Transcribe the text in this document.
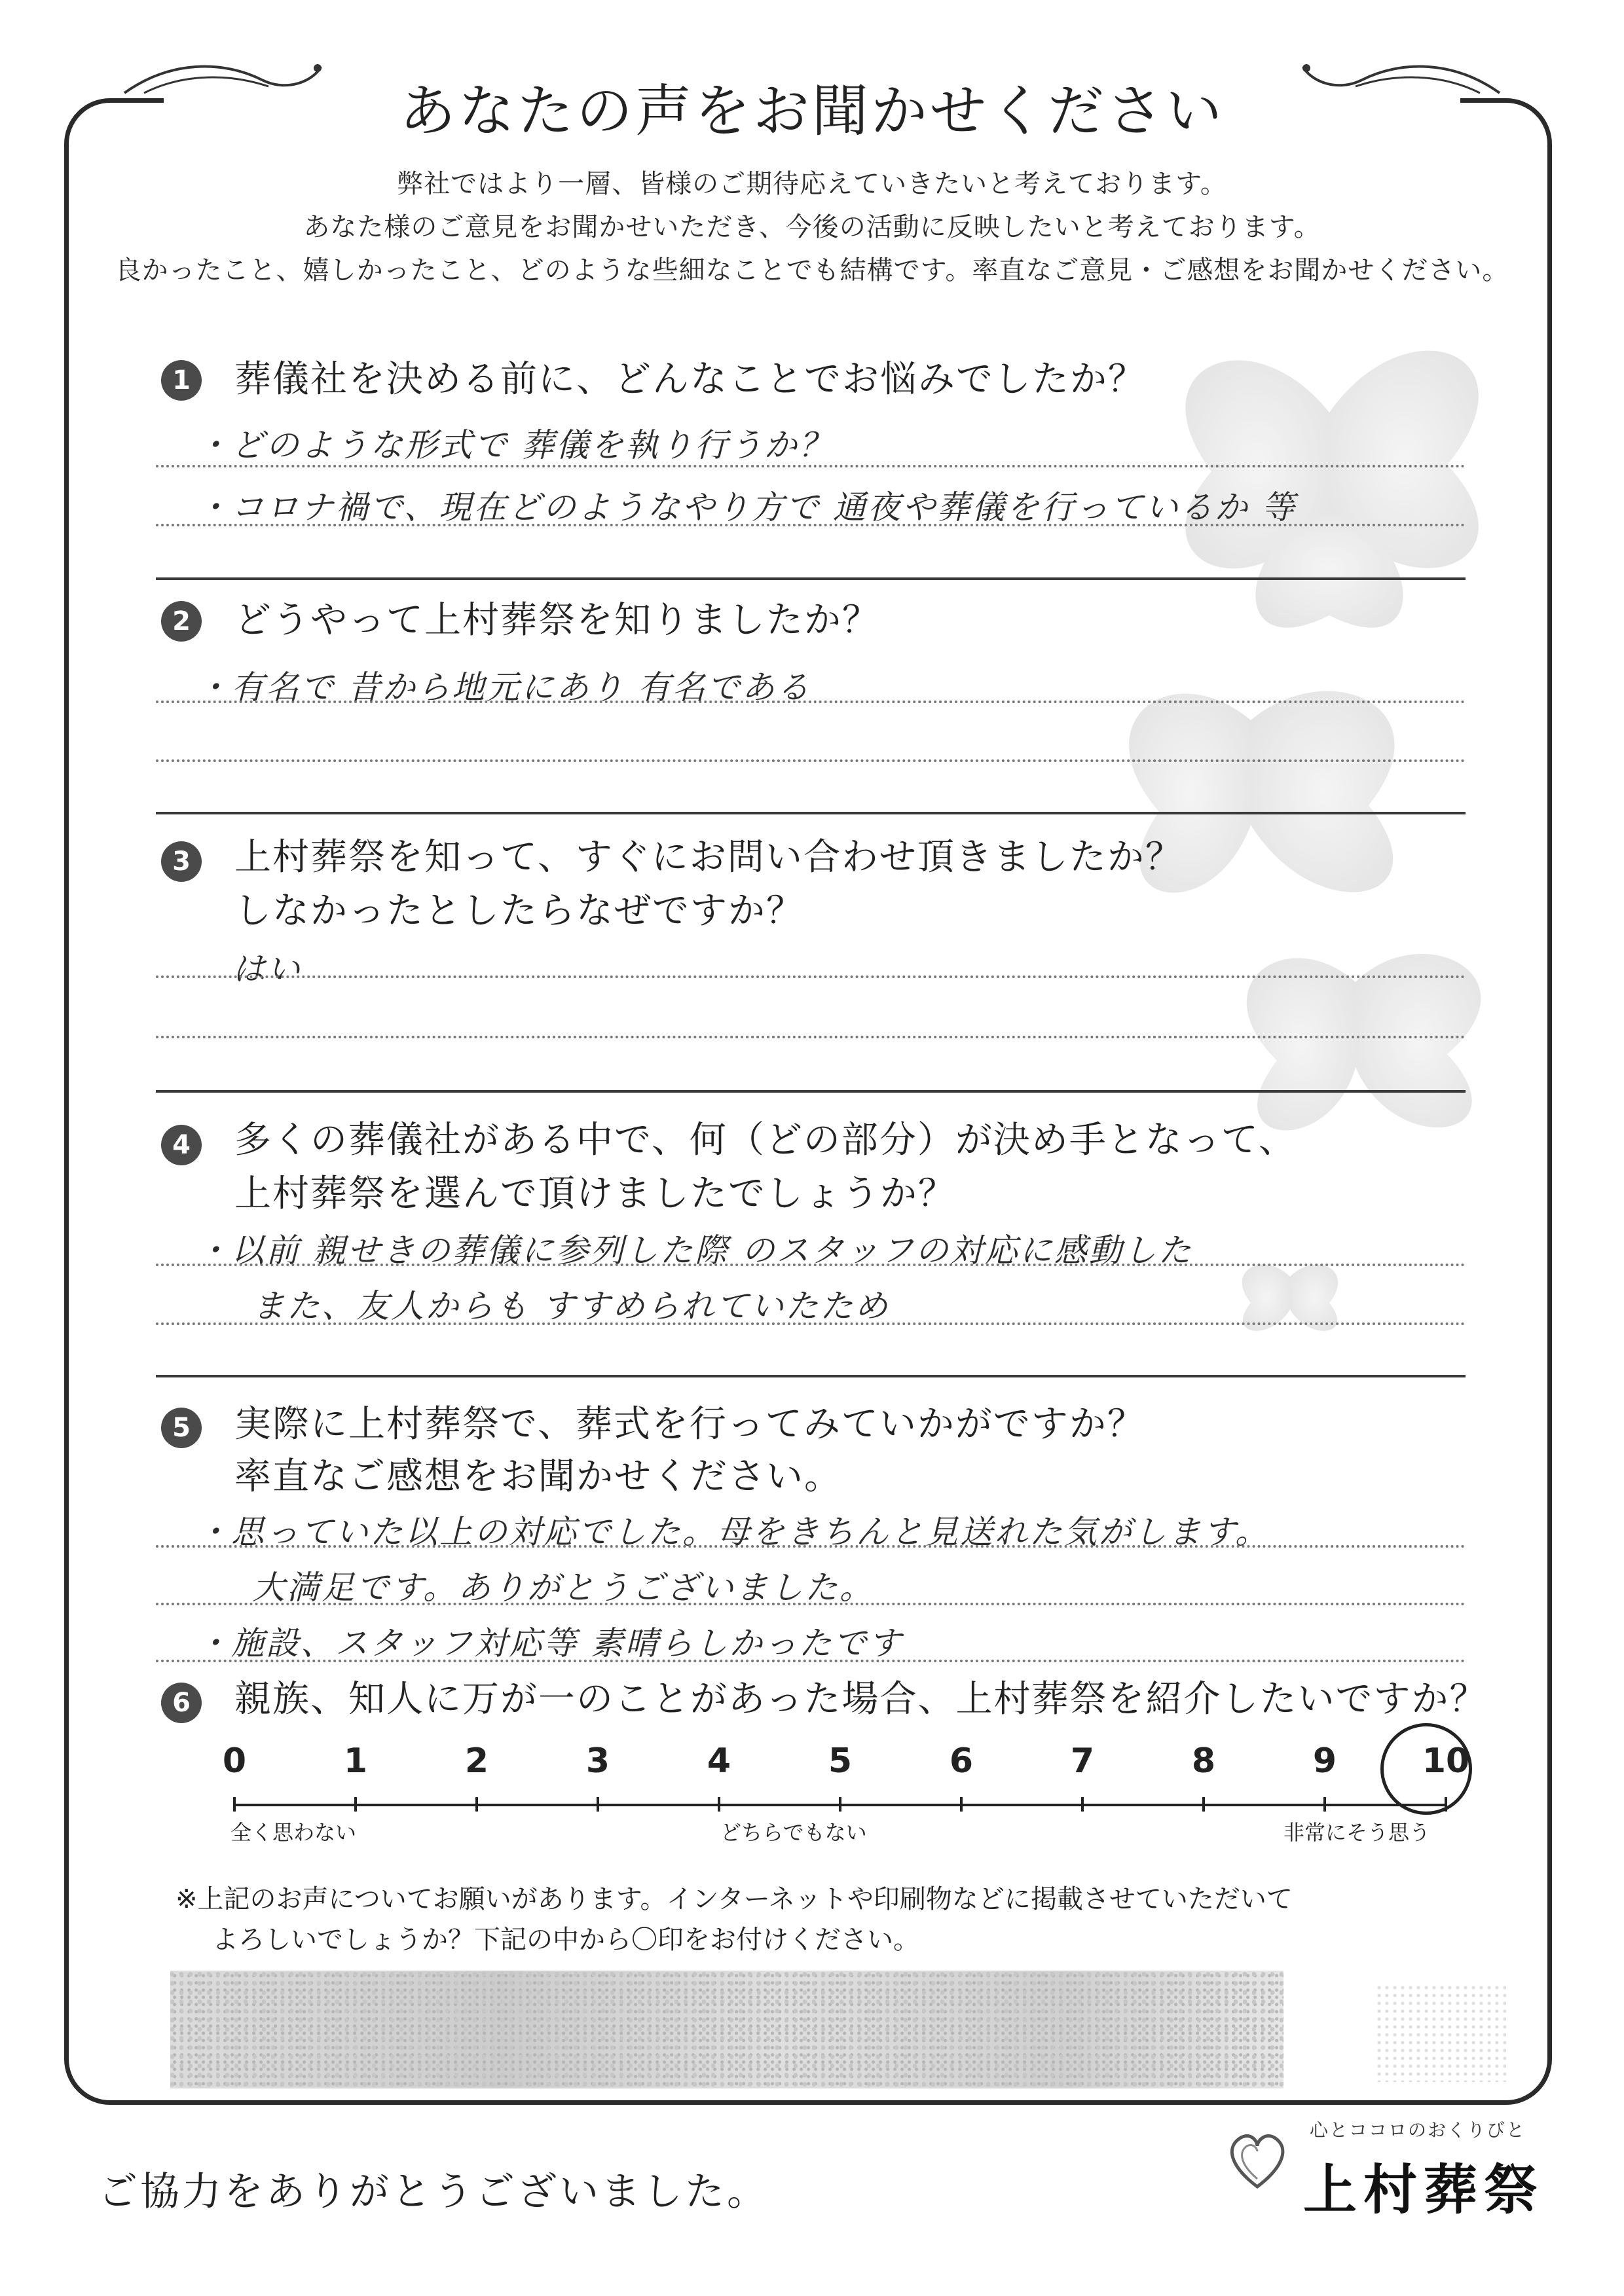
あなたの声をお聞かせください
弊社ではより一層、皆様のご期待応えていきたいと考えております。
あなた様のご意見をお聞かせいただき、今後の活動に反映したいと考えております。
良かったこと、嬉しかったこと、どのような些細なことでも結構です。率直なご意見・ご感想をお聞かせください。
1	葬儀社を決める前に、どんなことでお悩みでしたか？
・どのような形式で 葬儀を執り行うか？
・コロナ禍で、現在どのようなやり方で 通夜や葬儀を行っているか 等
2	どうやって上村葬祭を知りましたか？
・有名で 昔から地元にあり 有名である
3	上村葬祭を知って、すぐにお問い合わせ頂きましたか？
しなかったとしたらなぜですか？
はい
4	多くの葬儀社がある中で、何（どの部分）が決め手となって、
上村葬祭を選んで頂けましたでしょうか？
・以前 親せきの葬儀に参列した際 のスタッフの対応に感動した
また、友人からも すすめられていたため
5	実際に上村葬祭で、葬式を行ってみていかがですか？
率直なご感想をお聞かせください。
・思っていた以上の対応でした。母をきちんと見送れた気がします。
大満足です。ありがとうございました。
・施設、スタッフ対応等 素晴らしかったです
6	親族、知人に万が一のことがあった場合、上村葬祭を紹介したいですか？
0	1	2	3	4	5	6	7	8	9	10
全く思わない	どちらでもない	非常にそう思う
※上記のお声についてお願いがあります。インターネットや印刷物などに掲載させていただいて
よろしいでしょうか？下記の中から〇印をお付けください。
ご協力をありがとうございました。
心とココロのおくりびと
上村葬祭
